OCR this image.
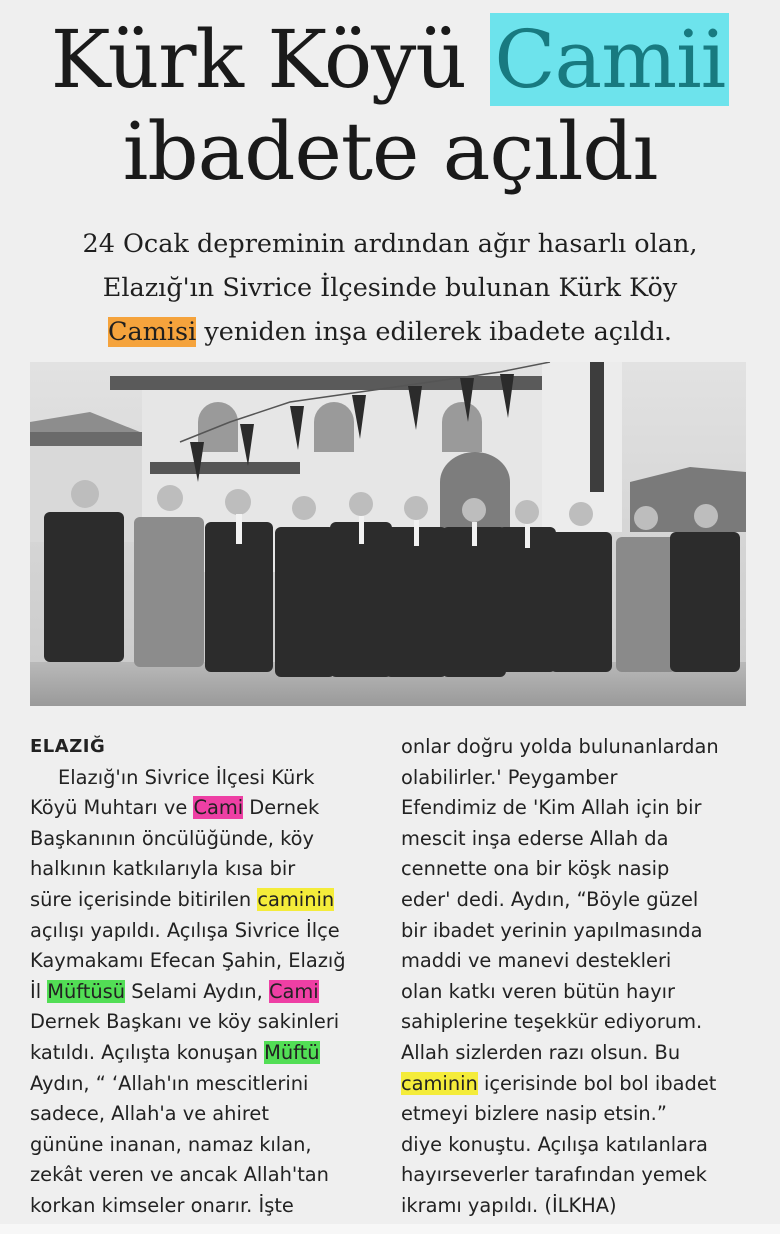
Kürk Köyü Camii
ibadete açıldı
24 Ocak depreminin ardından ağır hasarlı olan,
Elazığ'ın Sivrice İlçesinde bulunan Kürk Köy
Camisi yeniden inşa edilerek ibadete açıldı.
ELAZIĞ
Elazığ'ın Sivrice İlçesi Kürk
Köyü Muhtarı ve Cami Dernek
Başkanının öncülüğünde, köy
halkının katkılarıyla kısa bir
süre içerisinde bitirilen caminin
açılışı yapıldı. Açılışa Sivrice İlçe
Kaymakamı Efecan Şahin, Elazığ
İl Müftüsü Selami Aydın, Cami
Dernek Başkanı ve köy sakinleri
katıldı. Açılışta konuşan Müftü
Aydın, “ ‘Allah'ın mescitlerini
sadece, Allah'a ve ahiret
gününe inanan, namaz kılan,
zekât veren ve ancak Allah'tan
korkan kimseler onarır. İşte
onlar doğru yolda bulunanlardan
olabilirler.' Peygamber
Efendimiz de 'Kim Allah için bir
mescit inşa ederse Allah da
cennette ona bir köşk nasip
eder' dedi. Aydın, “Böyle güzel
bir ibadet yerinin yapılmasında
maddi ve manevi destekleri
olan katkı veren bütün hayır
sahiplerine teşekkür ediyorum.
Allah sizlerden razı olsun. Bu
caminin içerisinde bol bol ibadet
etmeyi bizlere nasip etsin.”
diye konuştu. Açılışa katılanlara
hayırseverler tarafından yemek
ikramı yapıldı. (İLKHA)
